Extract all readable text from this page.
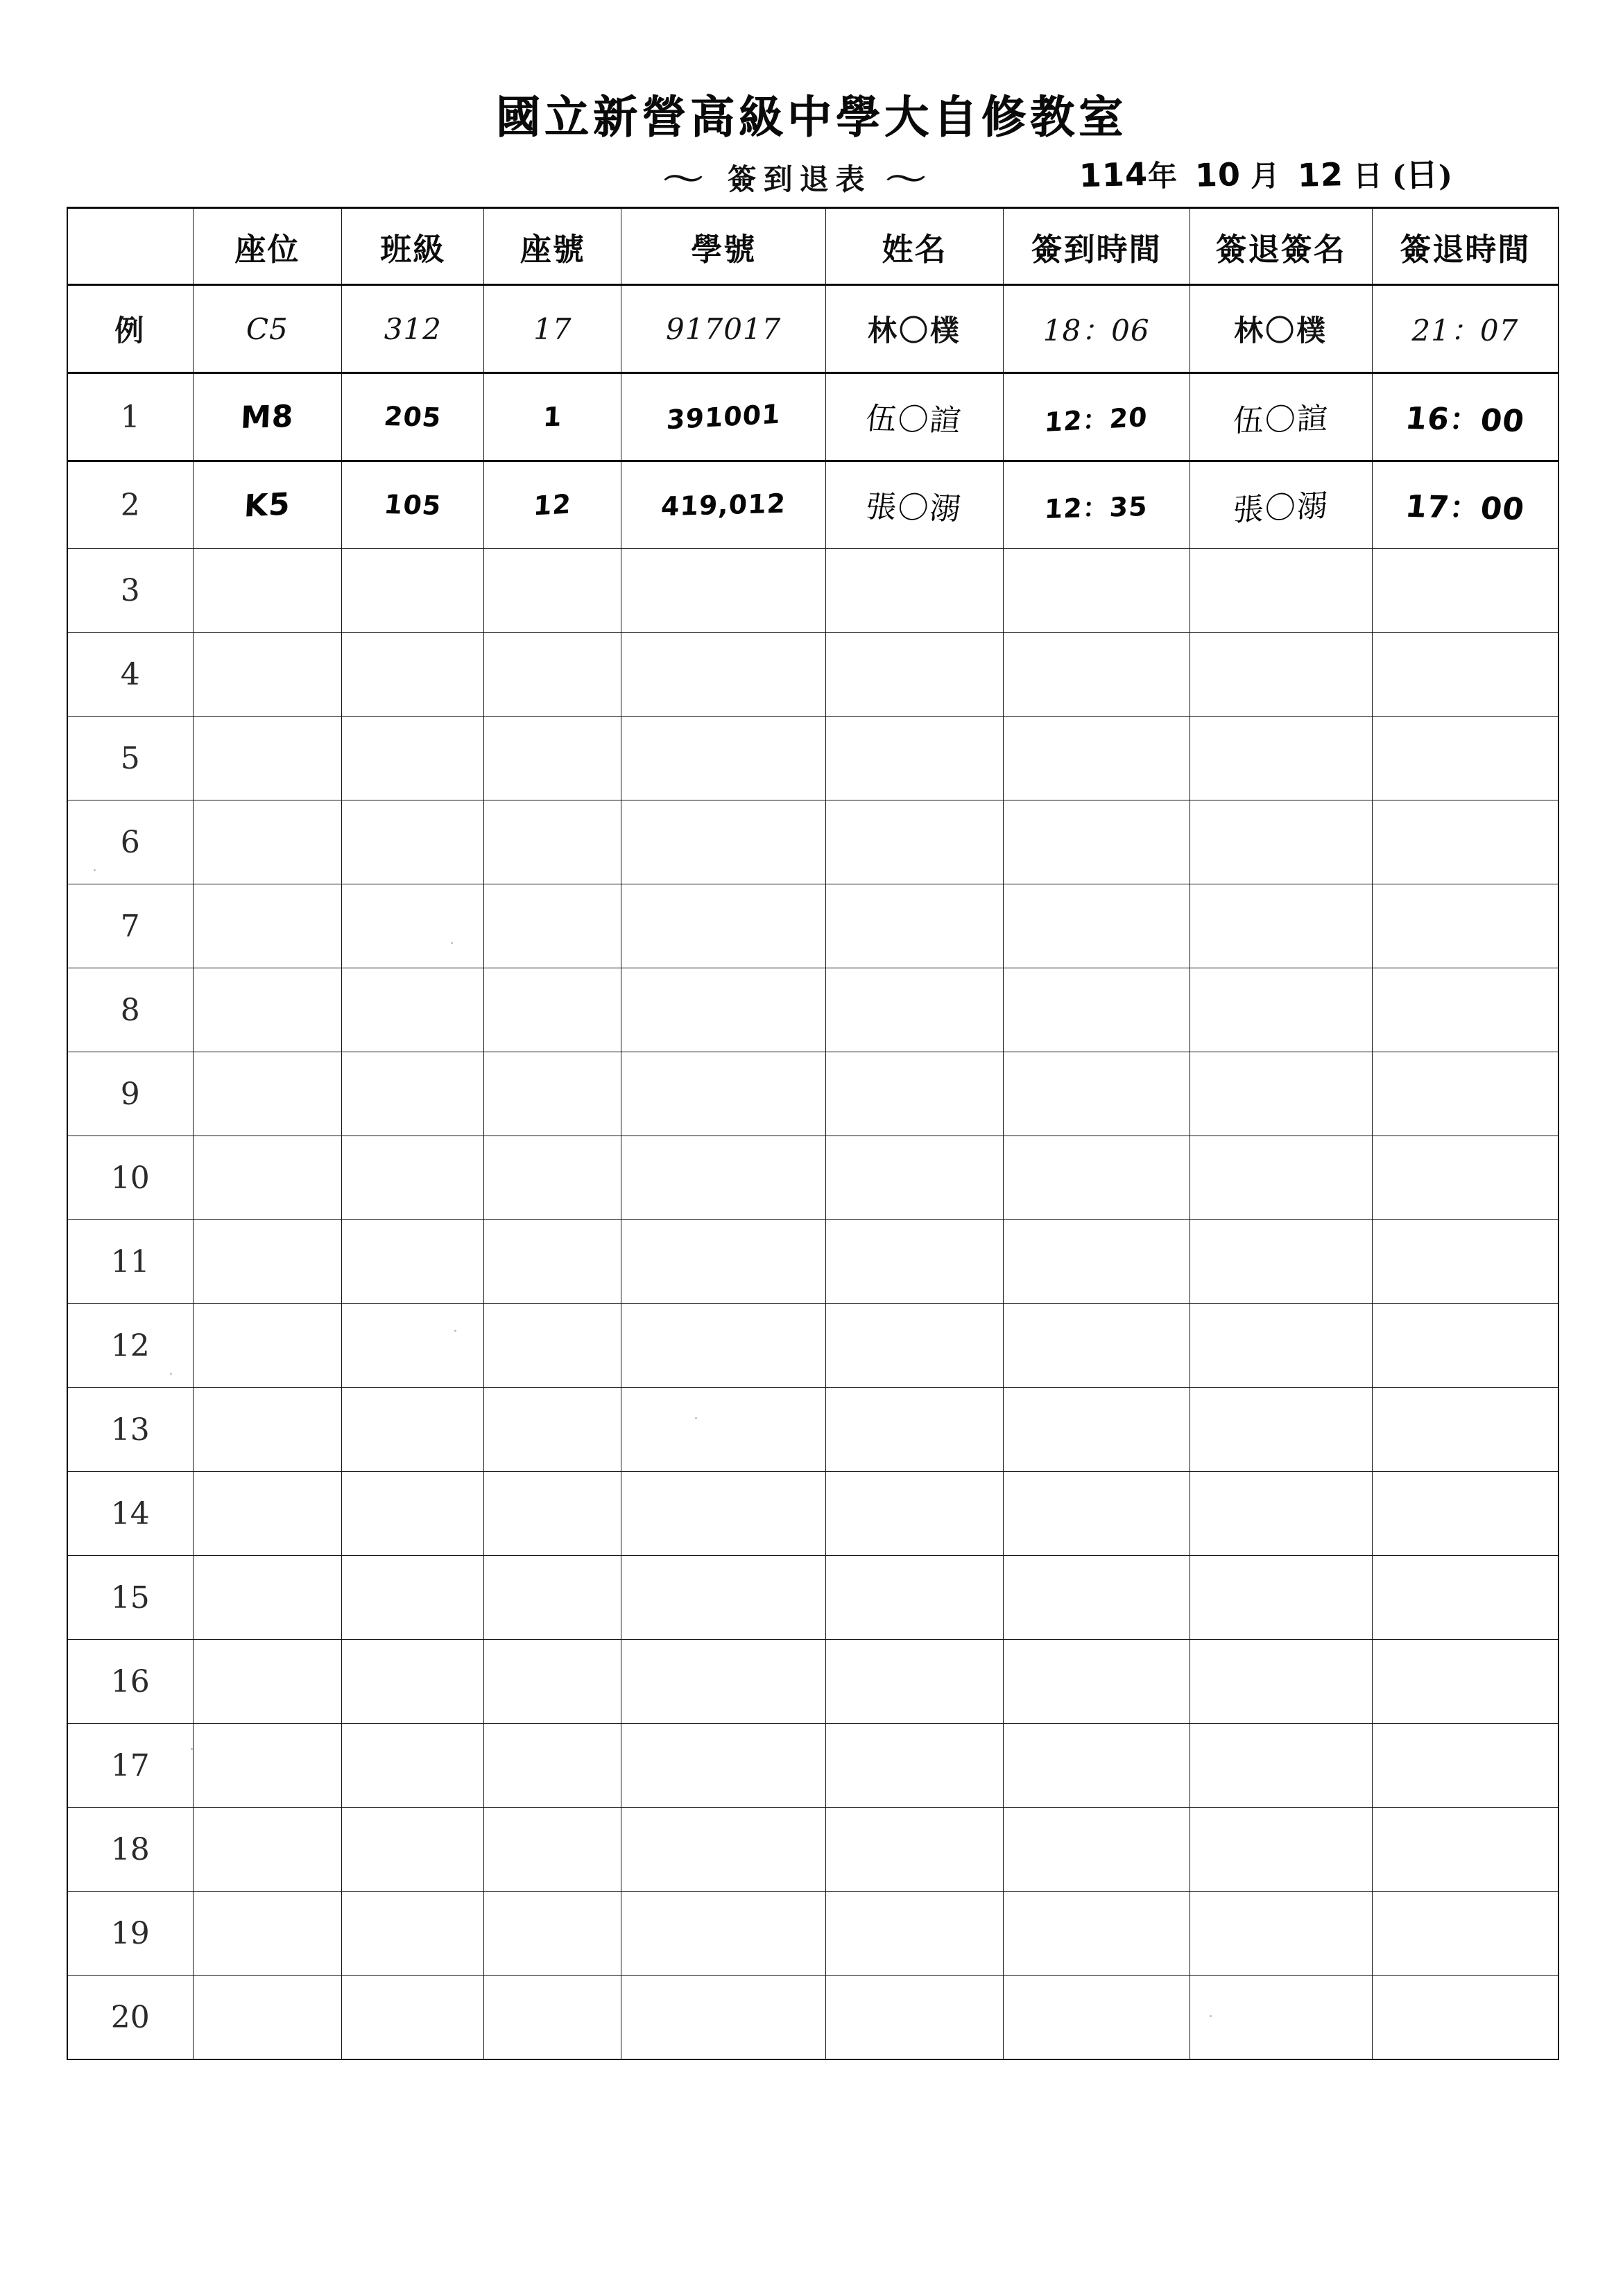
國立新營高級中學大自修教室
〜 簽到退表 〜	114年 10 月 12 日 (日)
	座位	班級	座號	學號	姓名	簽到時間	簽退簽名	簽退時間
例	C5	312	17	917017	林〇樸	18：06	林〇樸	21：07
1	M8	205	1	391001	伍〇諠	12：20	伍〇諠	16：00
2	K5	105	12	419,012	張〇溺	12：35	張〇溺	17：00
3								
4								
5								
6								
7								
8								
9								
10								
11								
12								
13								
14								
15								
16								
17								
18								
19								
20								
